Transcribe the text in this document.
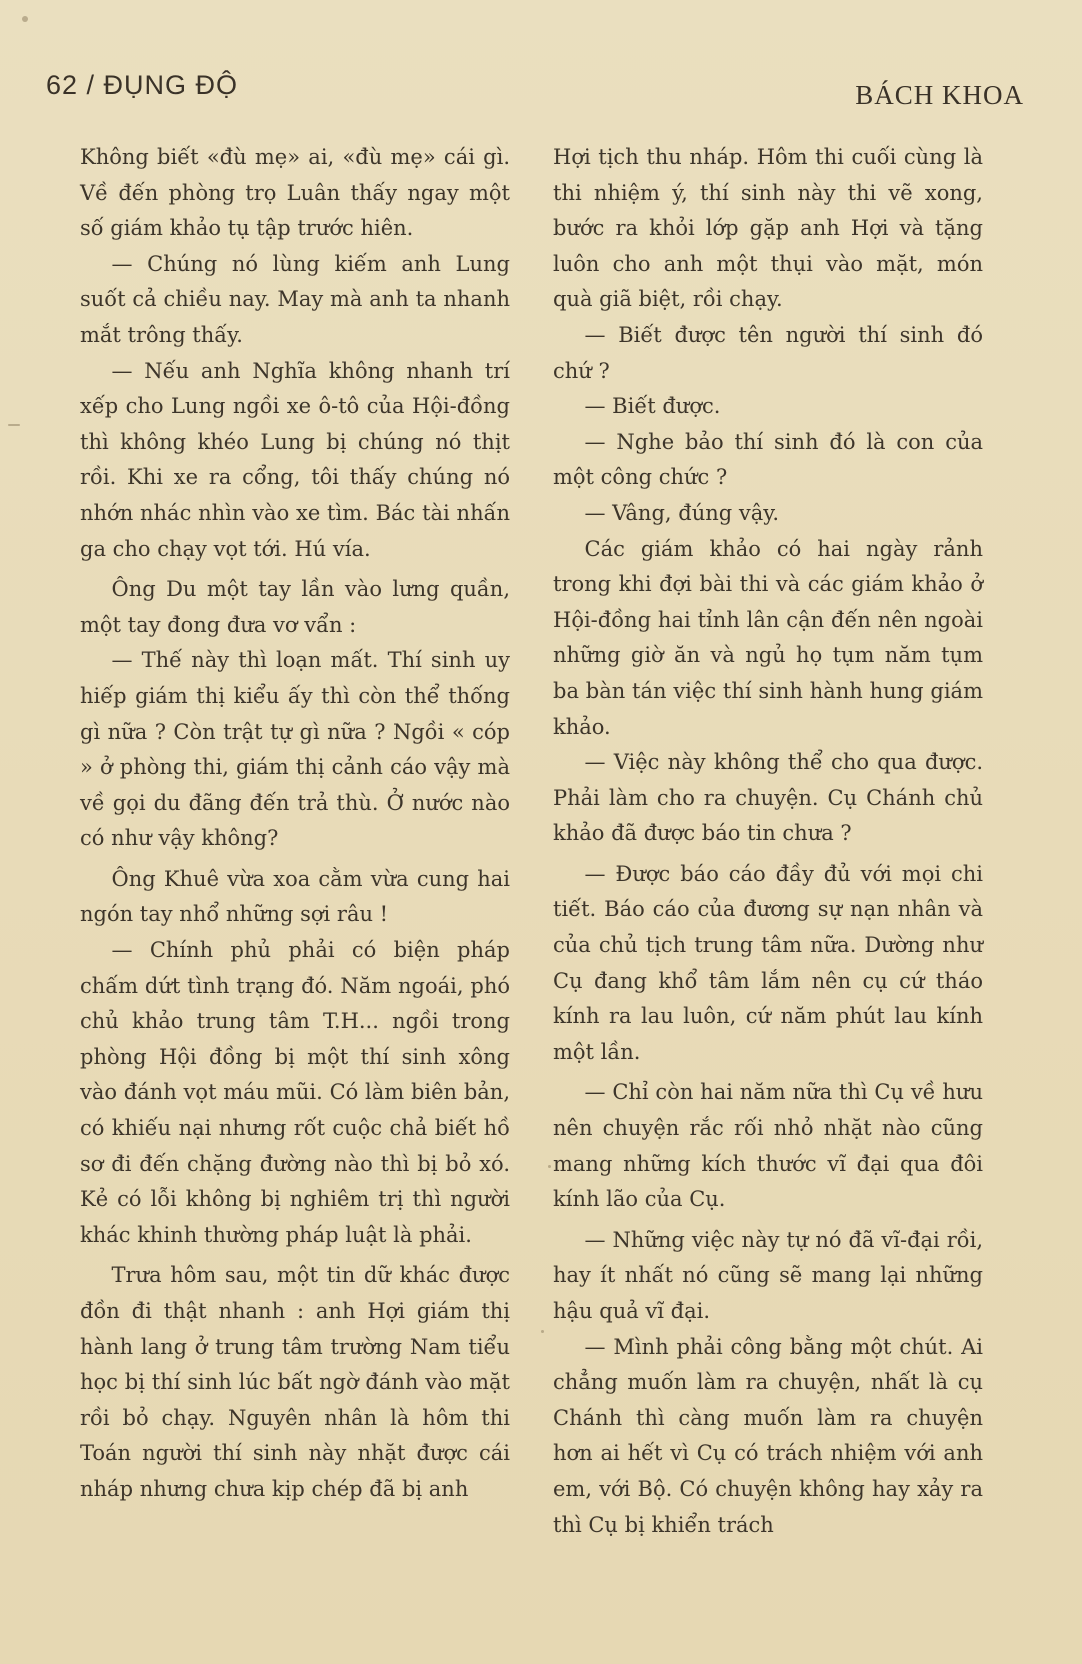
62 / ĐỤNG ĐỘ	BÁCH KHOA

Không biết «đù mẹ» ai, «đù mẹ» cái gì. Về đến phòng trọ Luân thấy ngay một số giám khảo tụ tập trước hiên.

— Chúng nó lùng kiếm anh Lung suốt cả chiều nay. May mà anh ta nhanh mắt trông thấy.

— Nếu anh Nghĩa không nhanh trí xếp cho Lung ngồi xe ô-tô của Hội-đồng thì không khéo Lung bị chúng nó thịt rồi. Khi xe ra cổng, tôi thấy chúng nó nhớn nhác nhìn vào xe tìm. Bác tài nhấn ga cho chạy vọt tới. Hú vía.

Ông Du một tay lần vào lưng quần, một tay đong đưa vơ vẩn :

— Thế này thì loạn mất. Thí sinh uy hiếp giám thị kiểu ấy thì còn thể thống gì nữa ? Còn trật tự gì nữa ? Ngồi « cóp » ở phòng thi, giám thị cảnh cáo vậy mà về gọi du đãng đến trả thù. Ở nước nào có như vậy không?

Ông Khuê vừa xoa cằm vừa cung hai ngón tay nhổ những sợi râu !

— Chính phủ phải có biện pháp chấm dứt tình trạng đó. Năm ngoái, phó chủ khảo trung tâm T.H... ngồi trong phòng Hội đồng bị một thí sinh xông vào đánh vọt máu mũi. Có làm biên bản, có khiếu nại nhưng rốt cuộc chả biết hồ sơ đi đến chặng đường nào thì bị bỏ xó. Kẻ có lỗi không bị nghiêm trị thì người khác khinh thường pháp luật là phải.

Trưa hôm sau, một tin dữ khác được đồn đi thật nhanh : anh Hợi giám thị hành lang ở trung tâm trường Nam tiểu học bị thí sinh lúc bất ngờ đánh vào mặt rồi bỏ chạy. Nguyên nhân là hôm thi Toán người thí sinh này nhặt được cái nháp nhưng chưa kịp chép đã bị anh

Hợi tịch thu nháp. Hôm thi cuối cùng là thi nhiệm ý, thí sinh này thi vẽ xong, bước ra khỏi lớp gặp anh Hợi và tặng luôn cho anh một thụi vào mặt, món quà giã biệt, rồi chạy.

— Biết được tên người thí sinh đó chứ ?

— Biết được.

— Nghe bảo thí sinh đó là con của một công chức ?

— Vâng, đúng vậy.

Các giám khảo có hai ngày rảnh trong khi đợi bài thi và các giám khảo ở Hội-đồng hai tỉnh lân cận đến nên ngoài những giờ ăn và ngủ họ tụm năm tụm ba bàn tán việc thí sinh hành hung giám khảo.

— Việc này không thể cho qua được. Phải làm cho ra chuyện. Cụ Chánh chủ khảo đã được báo tin chưa ?

— Được báo cáo đầy đủ với mọi chi tiết. Báo cáo của đương sự nạn nhân và của chủ tịch trung tâm nữa. Dường như Cụ đang khổ tâm lắm nên cụ cứ tháo kính ra lau luôn, cứ năm phút lau kính một lần.

— Chỉ còn hai năm nữa thì Cụ về hưu nên chuyện rắc rối nhỏ nhặt nào cũng mang những kích thước vĩ đại qua đôi kính lão của Cụ.

— Những việc này tự nó đã vĩ-đại rồi, hay ít nhất nó cũng sẽ mang lại những hậu quả vĩ đại.

— Mình phải công bằng một chút. Ai chẳng muốn làm ra chuyện, nhất là cụ Chánh thì càng muốn làm ra chuyện hơn ai hết vì Cụ có trách nhiệm với anh em, với Bộ. Có chuyện không hay xảy ra thì Cụ bị khiển trách
